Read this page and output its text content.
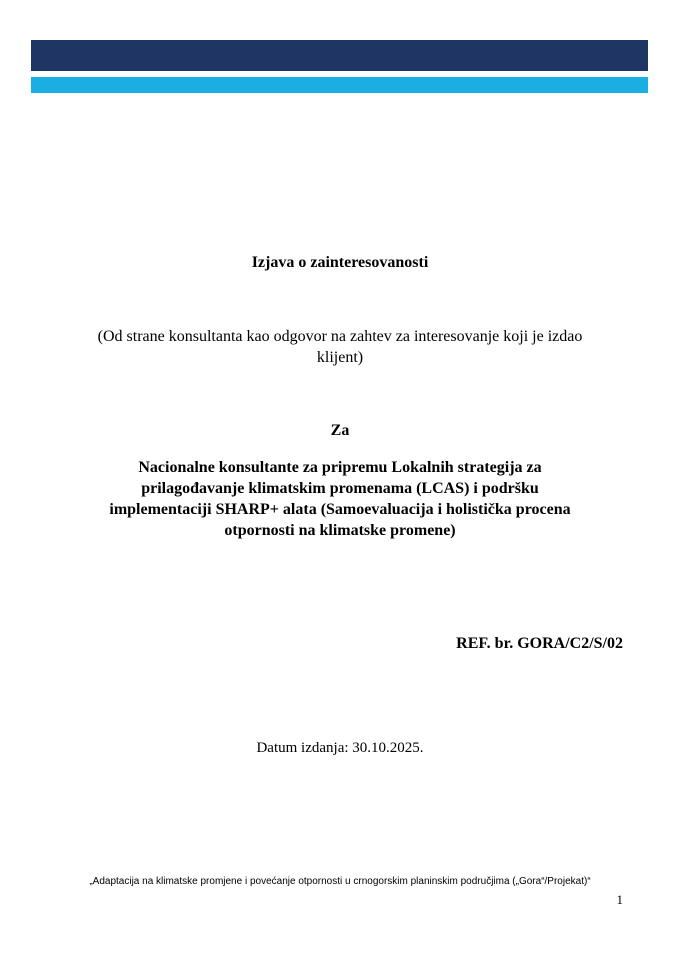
Izjava o zainteresovanosti
(Od strane konsultanta kao odgovor na zahtev za interesovanje koji je izdao
klijent)
Za
Nacionalne konsultante za pripremu Lokalnih strategija za
prilagođavanje klimatskim promenama (LCAS) i podršku
implementaciji SHARP+ alata (Samoevaluacija i holistička procena
otpornosti na klimatske promene)
REF. br. GORA/C2/S/02
Datum izdanja: 30.10.2025.
„Adaptacija na klimatske promjene i povećanje otpornosti u crnogorskim planinskim područjima („Gora“/Projekat)“
1
